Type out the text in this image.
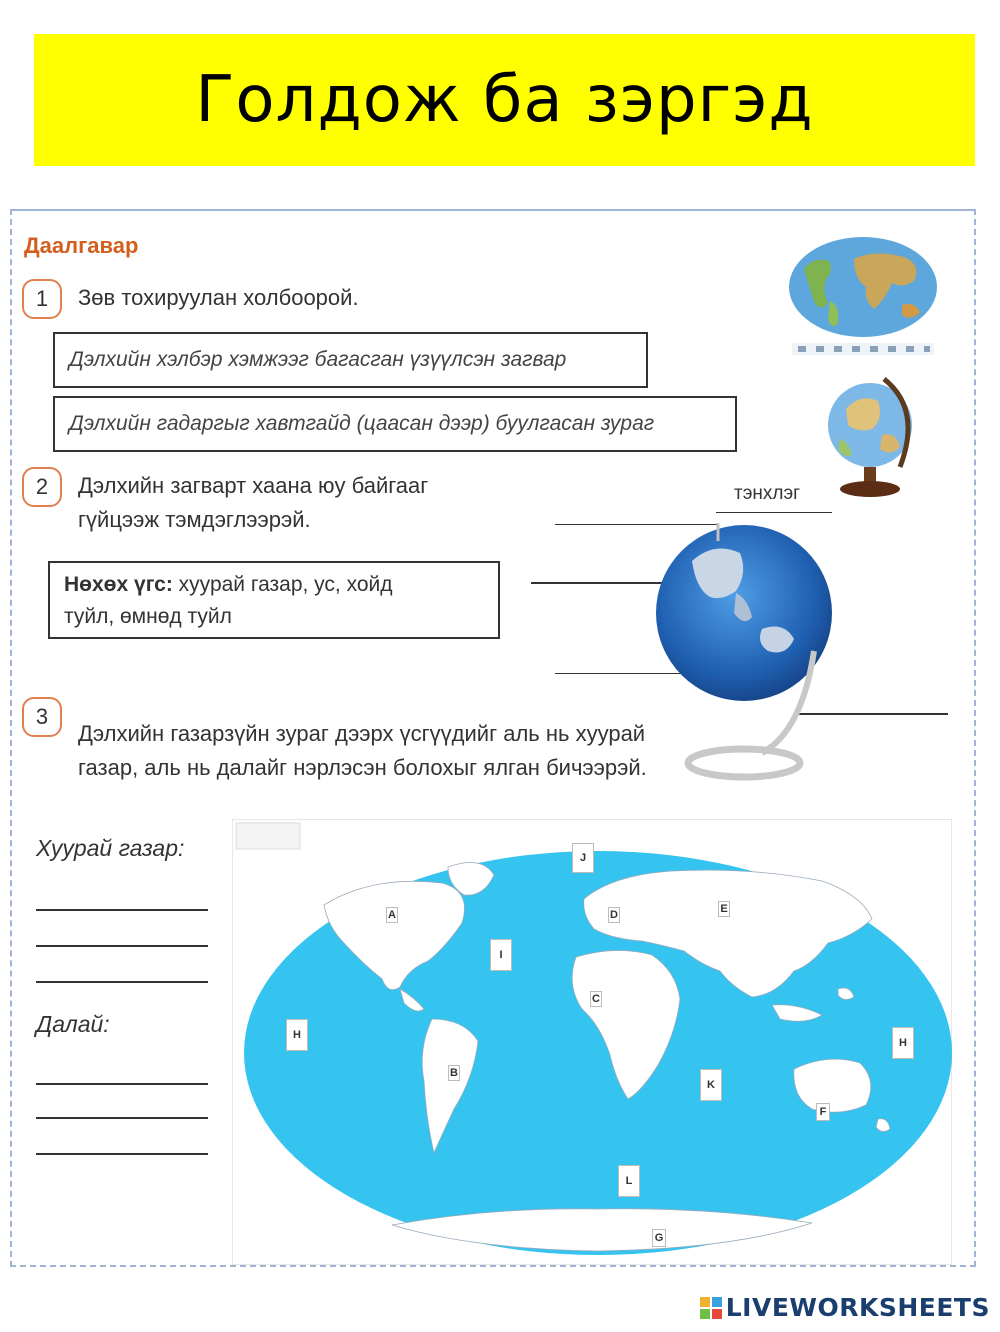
Голдож ба зэргэд
Даалгавар
1 Зөв тохируулан холбоорой.
Дэлхийн хэлбэр хэмжээг багасган үзүүлсэн загвар
Дэлхийн гадаргыг хавтгайд (цаасан дээр) буулгасан зураг
2 Дэлхийн загварт хаана юу байгааг
гүйцээж тэмдэглээрэй.
Нөхөх үгс: хуурай газар, ус, хойд
туйл, өмнөд туйл
тэнхлэг
3
Дэлхийн газарзүйн зураг дээрх үсгүүдийг аль нь хуурай
газар, аль нь далайг нэрлэсэн болохыг ялган бичээрэй.
Хуурай газар:
Далай:
A
B
C
D	E
F
G
H
H
I
J
K
L
LIVEWORKSHEETS
